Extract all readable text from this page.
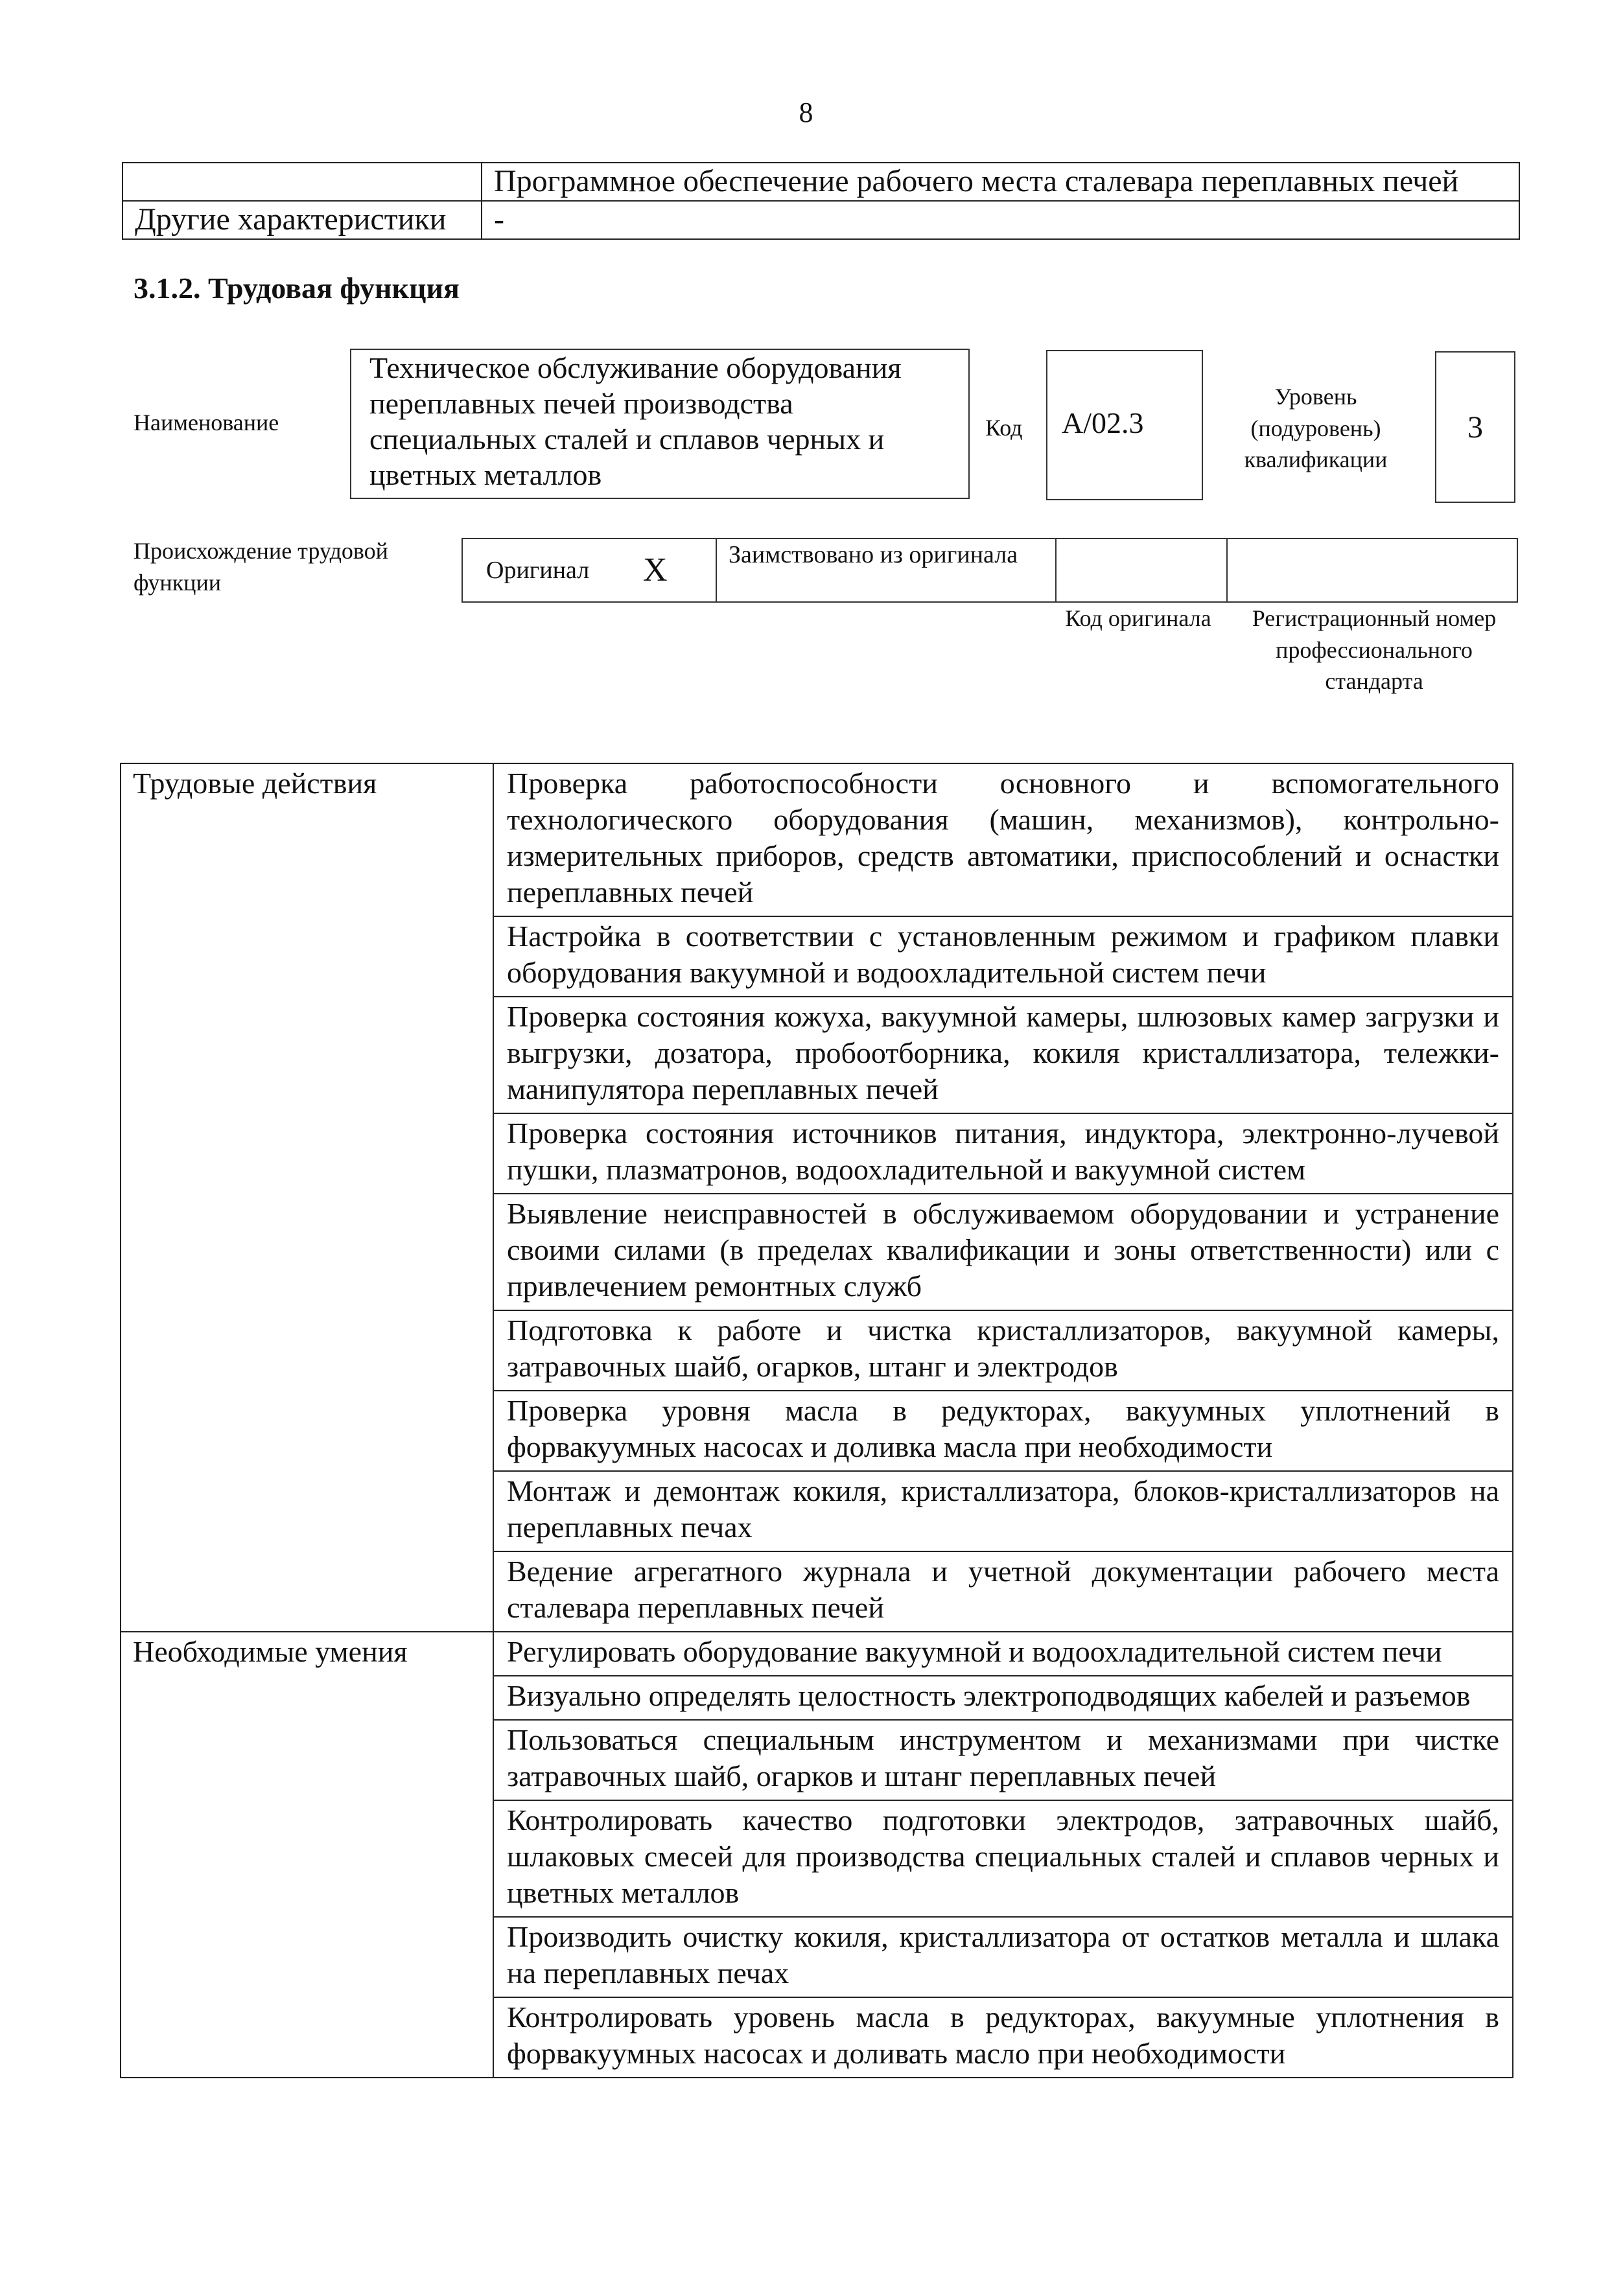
8
	Программное обеспечение рабочего места сталевара переплавных печей
Другие характеристики	-
3.1.2. Трудовая функция
Наименование
Техническое обслуживание оборудования переплавных печей производства специальных сталей и сплавов черных и цветных металлов
Код	А/02.3
Уровень (подуровень) квалификации
3
Происхождение трудовой функции	Оригинал X Заимствовано из оригинала
Код оригинала	Регистрационный номер профессионального стандарта
Трудовые действия	Проверка работоспособности основного и вспомогательного технологического оборудования (машин, механизмов), контрольно-измерительных приборов, средств автоматики, приспособлений и оснастки переплавных печей
	Настройка в соответствии с установленным режимом и графиком плавки оборудования вакуумной и водоохладительной систем печи
	Проверка состояния кожуха, вакуумной камеры, шлюзовых камер загрузки и выгрузки, дозатора, пробоотборника, кокиля кристаллизатора, тележки-манипулятора переплавных печей
	Проверка состояния источников питания, индуктора, электронно-лучевой пушки, плазматронов, водоохладительной и вакуумной систем
	Выявление неисправностей в обслуживаемом оборудовании и устранение своими силами (в пределах квалификации и зоны ответственности) или с привлечением ремонтных служб
	Подготовка к работе и чистка кристаллизаторов, вакуумной камеры, затравочных шайб, огарков, штанг и электродов
	Проверка уровня масла в редукторах, вакуумных уплотнений в форвакуумных насосах и доливка масла при необходимости
	Монтаж и демонтаж кокиля, кристаллизатора, блоков-кристаллизаторов на переплавных печах
	Ведение агрегатного журнала и учетной документации рабочего места сталевара переплавных печей
Необходимые умения	Регулировать оборудование вакуумной и водоохладительной систем печи
	Визуально определять целостность электроподводящих кабелей и разъемов
	Пользоваться специальным инструментом и механизмами при чистке затравочных шайб, огарков и штанг переплавных печей
	Контролировать качество подготовки электродов, затравочных шайб, шлаковых смесей для производства специальных сталей и сплавов черных и цветных металлов
	Производить очистку кокиля, кристаллизатора от остатков металла и шлака на переплавных печах
	Контролировать уровень масла в редукторах, вакуумные уплотнения в форвакуумных насосах и доливать масло при необходимости
